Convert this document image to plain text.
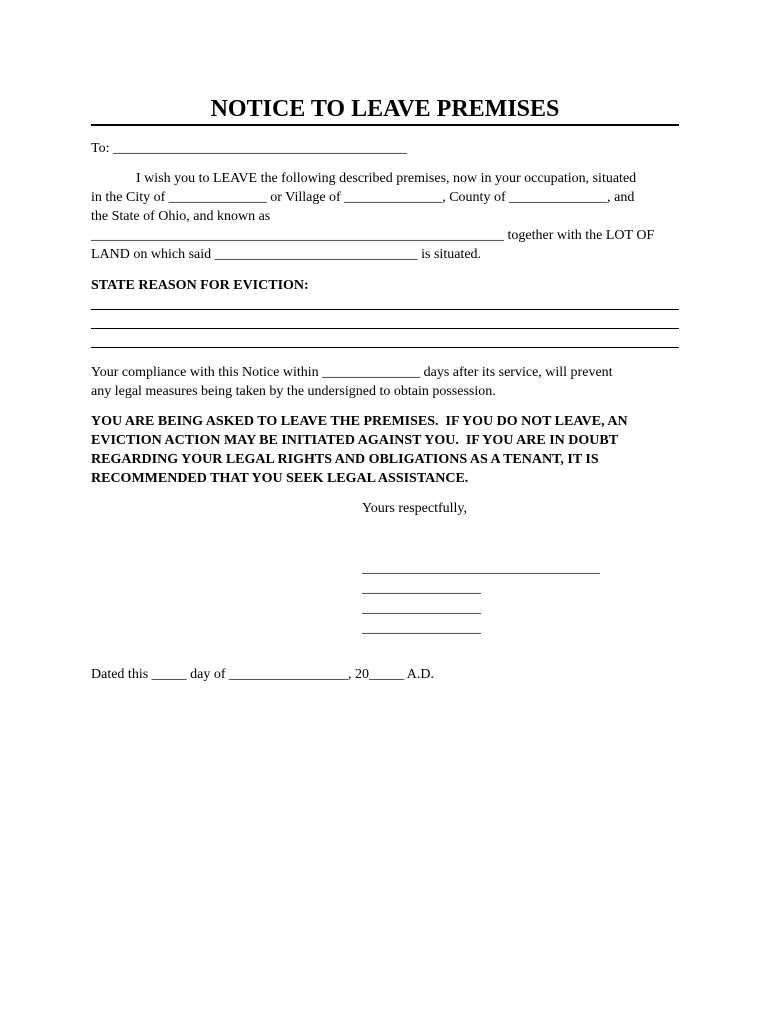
NOTICE TO LEAVE PREMISES
To: __________________________________________
I wish you to LEAVE the following described premises, now in your occupation, situated
in the City of ______________ or Village of ______________, County of ______________, and
the State of Ohio, and known as
___________________________________________________________ together with the LOT OF
LAND on which said _____________________________ is situated.
STATE REASON FOR EVICTION:
Your compliance with this Notice within ______________ days after its service, will prevent
any legal measures being taken by the undersigned to obtain possession.
YOU ARE BEING ASKED TO LEAVE THE PREMISES.  IF YOU DO NOT LEAVE, AN
EVICTION ACTION MAY BE INITIATED AGAINST YOU.  IF YOU ARE IN DOUBT
REGARDING YOUR LEGAL RIGHTS AND OBLIGATIONS AS A TENANT, IT IS
RECOMMENDED THAT YOU SEEK LEGAL ASSISTANCE.
Yours respectfully,
__________________________________
_________________
_________________
_________________
Dated this _____ day of _________________, 20_____ A.D.
